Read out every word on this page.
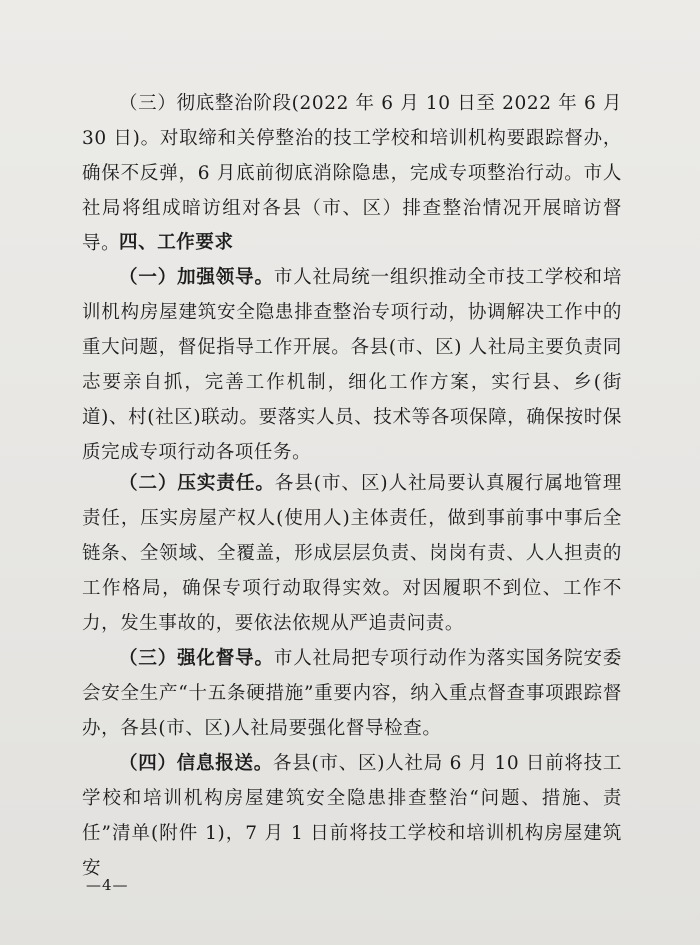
（三）彻底整治阶段(2022 年 6 月 10 日至 2022 年 6 月 30 日)。对取缔和关停整治的技工学校和培训机构要跟踪督办，确保不反弹，6 月底前彻底消除隐患，完成专项整治行动。市人社局将组成暗访组对各县（市、区）排查整治情况开展暗访督导。
四、工作要求
（一）加强领导。市人社局统一组织推动全市技工学校和培训机构房屋建筑安全隐患排查整治专项行动，协调解决工作中的重大问题，督促指导工作开展。各县(市、区) 人社局主要负责同志要亲自抓，完善工作机制，细化工作方案，实行县、乡(街道)、村(社区)联动。要落实人员、技术等各项保障，确保按时保质完成专项行动各项任务。
（二）压实责任。各县(市、区)人社局要认真履行属地管理责任，压实房屋产权人(使用人)主体责任，做到事前事中事后全链条、全领域、全覆盖，形成层层负责、岗岗有责、人人担责的工作格局，确保专项行动取得实效。对因履职不到位、工作不力，发生事故的，要依法依规从严追责问责。
（三）强化督导。市人社局把专项行动作为落实国务院安委会安全生产“十五条硬措施”重要内容，纳入重点督查事项跟踪督办，各县(市、区)人社局要强化督导检查。
（四）信息报送。各县(市、区)人社局 6 月 10 日前将技工学校和培训机构房屋建筑安全隐患排查整治“问题、措施、责任”清单(附件 1)，7 月 1 日前将技工学校和培训机构房屋建筑安
—4—
